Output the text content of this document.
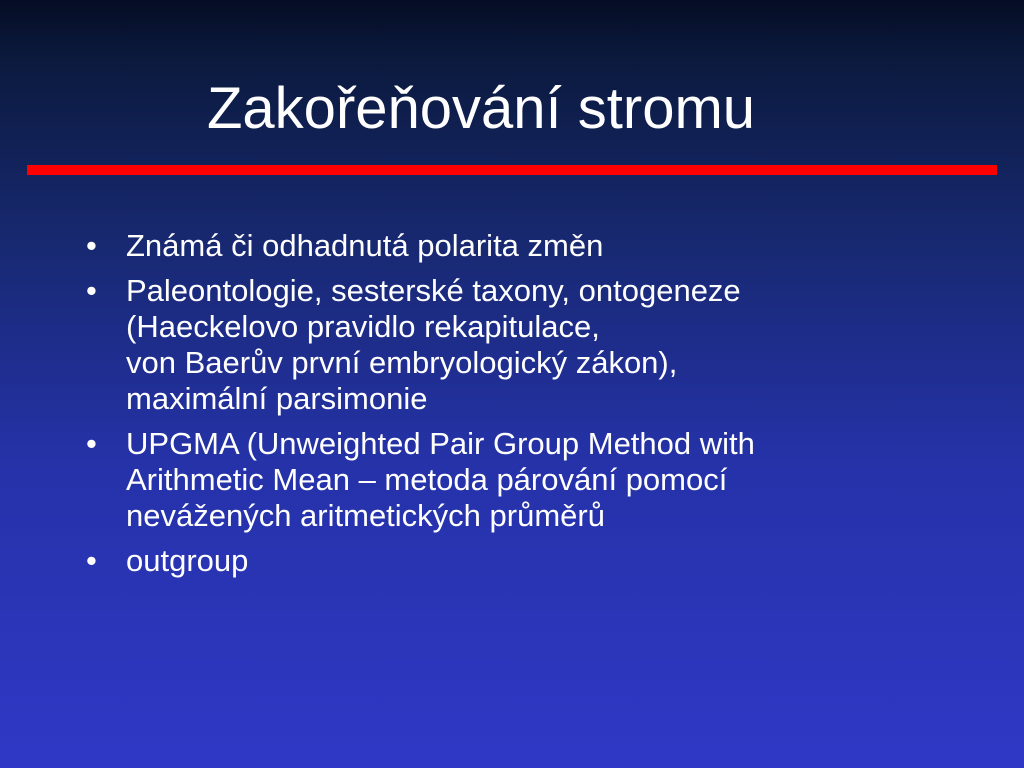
Zakořeňování stromu
• Známá či odhadnutá polarita změn
• Paleontologie, sesterské taxony, ontogeneze
(Haeckelovo pravidlo rekapitulace,
von Baerův první embryologický zákon),
maximální parsimonie
• UPGMA (Unweighted Pair Group Method with
Arithmetic Mean – metoda párování pomocí
nevážených aritmetických průměrů
• outgroup
